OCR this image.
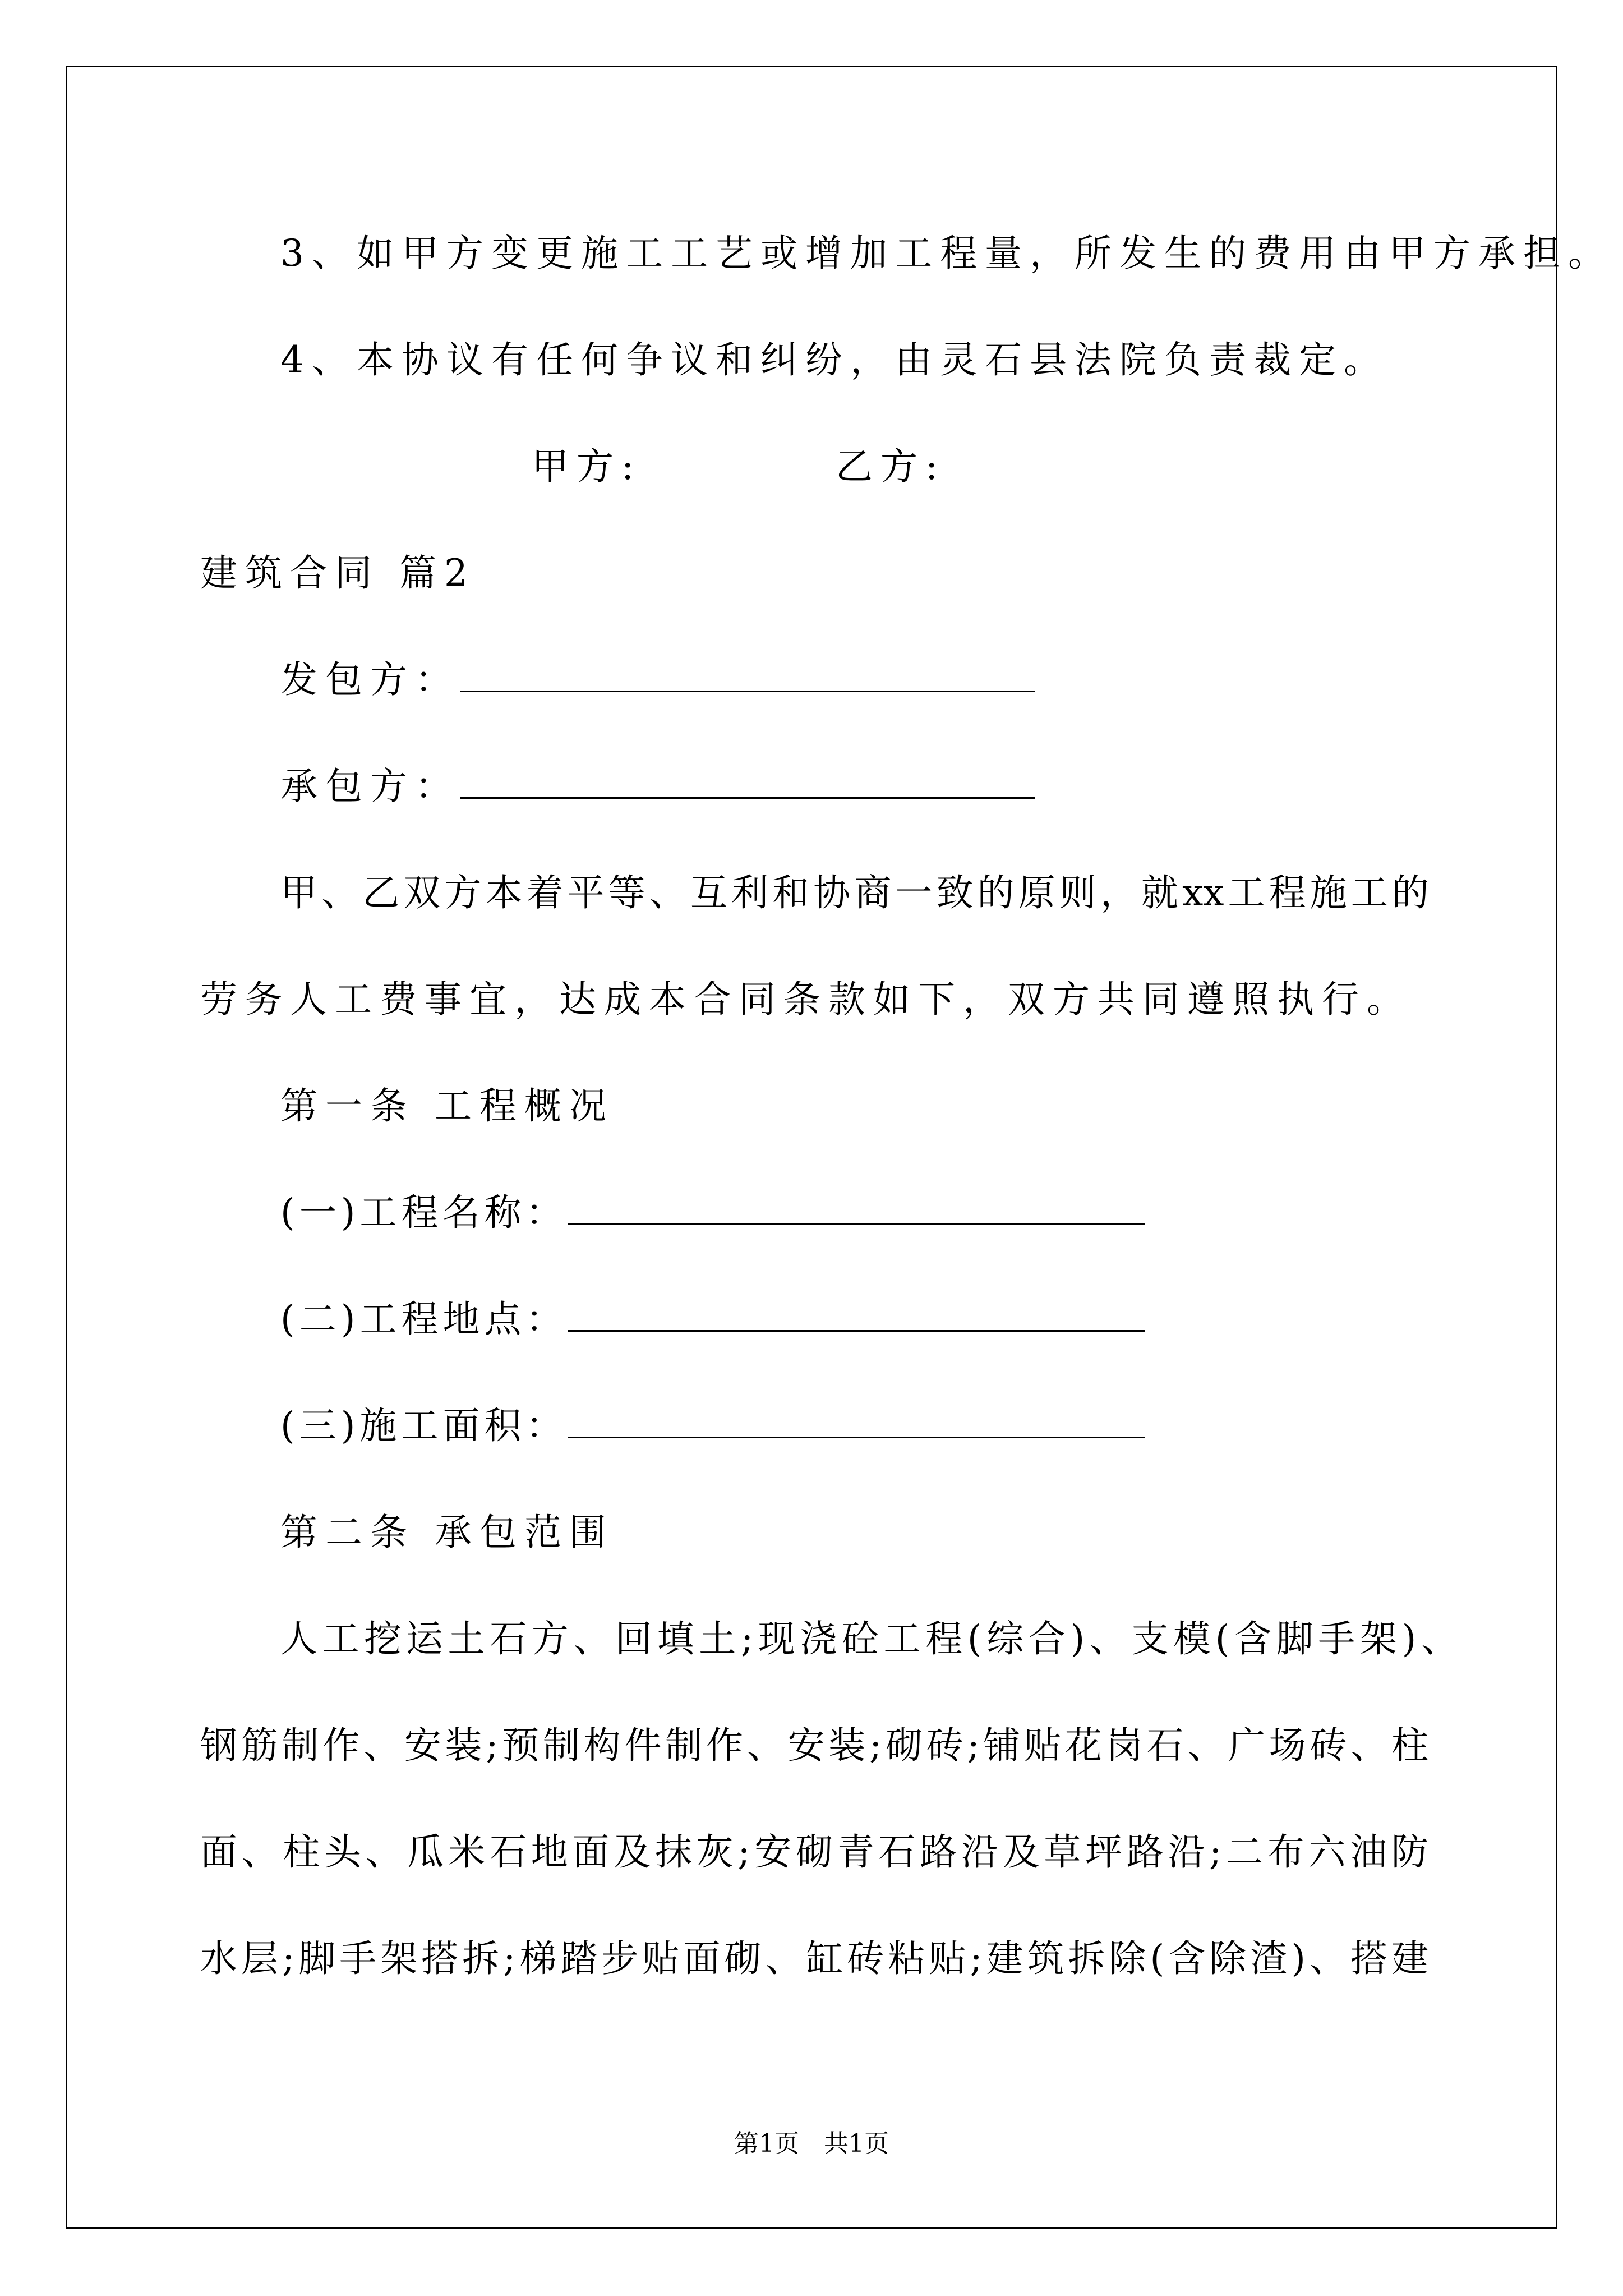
3、如甲方变更施工工艺或增加工程量，所发生的费用由甲方承担。
4、本协议有任何争议和纠纷，由灵石县法院负责裁定。
甲方:	乙方:
建筑合同 篇2
发包方：
承包方：
甲、乙双方本着平等、互利和协商一致的原则，就xx工程施工的
劳务人工费事宜，达成本合同条款如下，双方共同遵照执行。
第一条 工程概况
(一)工程名称：
(二)工程地点：
(三)施工面积：
第二条 承包范围
人工挖运土石方、回填土;现浇砼工程(综合)、支模(含脚手架)、
钢筋制作、安装;预制构件制作、安装;砌砖;铺贴花岗石、广场砖、柱
面、柱头、瓜米石地面及抹灰;安砌青石路沿及草坪路沿;二布六油防
水层;脚手架搭拆;梯踏步贴面砌、缸砖粘贴;建筑拆除(含除渣)、搭建
第1页　共1页
